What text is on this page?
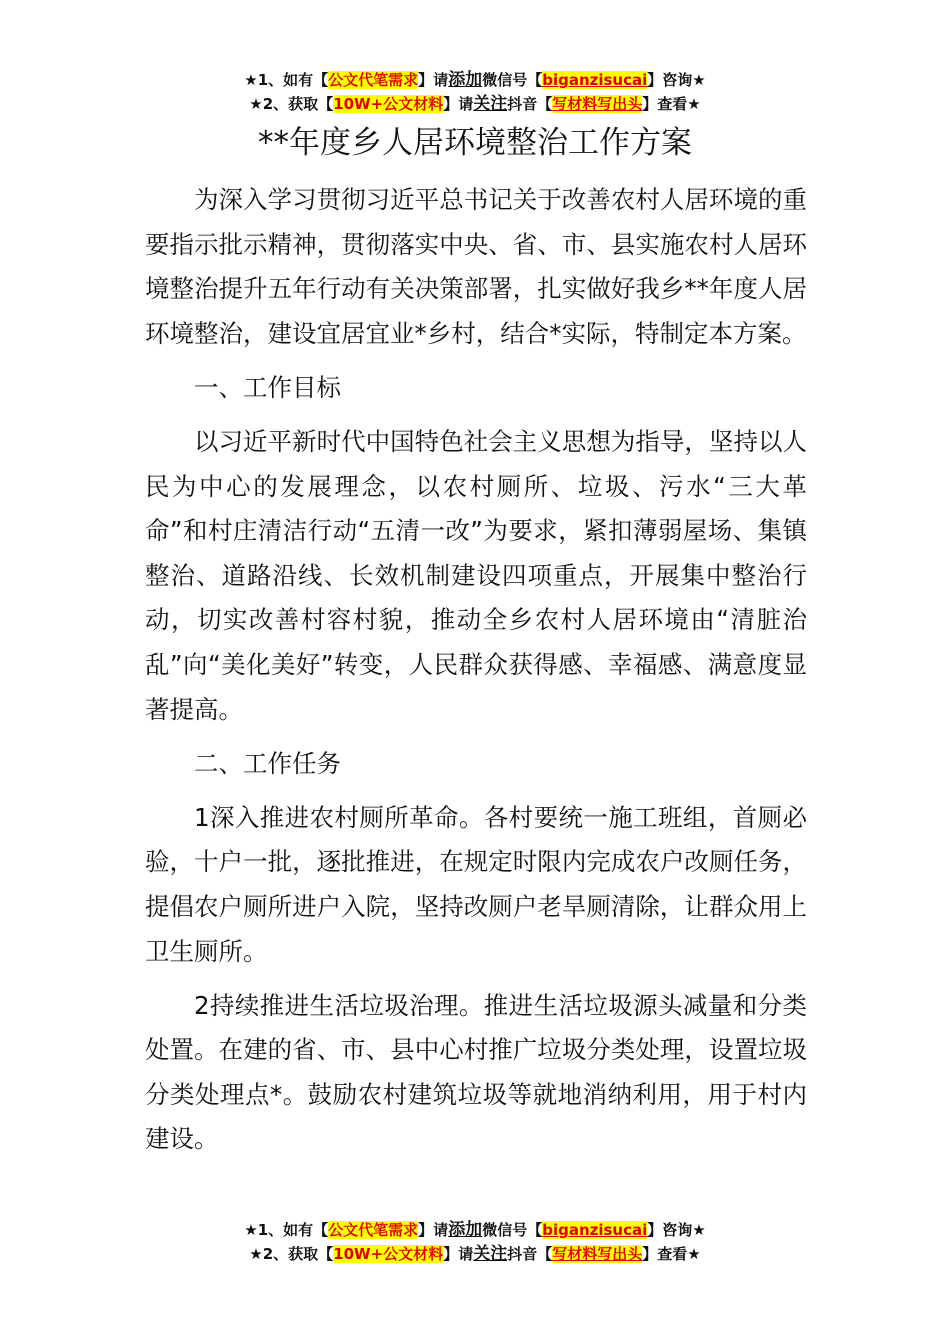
★1、如有【公文代笔需求】请添加微信号【biganzisucai】咨询★
★2、获取【10W+公文材料】请关注抖音【写材料写出头】查看★
**年度乡人居环境整治工作方案

为深入学习贯彻习近平总书记关于改善农村人居环境的重要指示批示精神，贯彻落实中央、省、市、县实施农村人居环境整治提升五年行动有关决策部署，扎实做好我乡**年度人居环境整治，建设宜居宜业*乡村，结合*实际，特制定本方案。

一、工作目标

以习近平新时代中国特色社会主义思想为指导，坚持以人民为中心的发展理念，以农村厕所、垃圾、污水“三大革命”和村庄清洁行动“五清一改”为要求，紧扣薄弱屋场、集镇整治、道路沿线、长效机制建设四项重点，开展集中整治行动，切实改善村容村貌，推动全乡农村人居环境由“清脏治乱”向“美化美好”转变，人民群众获得感、幸福感、满意度显著提高。

二、工作任务

1深入推进农村厕所革命。各村要统一施工班组，首厕必验，十户一批，逐批推进，在规定时限内完成农户改厕任务，提倡农户厕所进户入院，坚持改厕户老旱厕清除，让群众用上卫生厕所。

2持续推进生活垃圾治理。推进生活垃圾源头减量和分类处置。在建的省、市、县中心村推广垃圾分类处理，设置垃圾分类处理点*。鼓励农村建筑垃圾等就地消纳利用，用于村内建设。

★1、如有【公文代笔需求】请添加微信号【biganzisucai】咨询★
★2、获取【10W+公文材料】请关注抖音【写材料写出头】查看★
